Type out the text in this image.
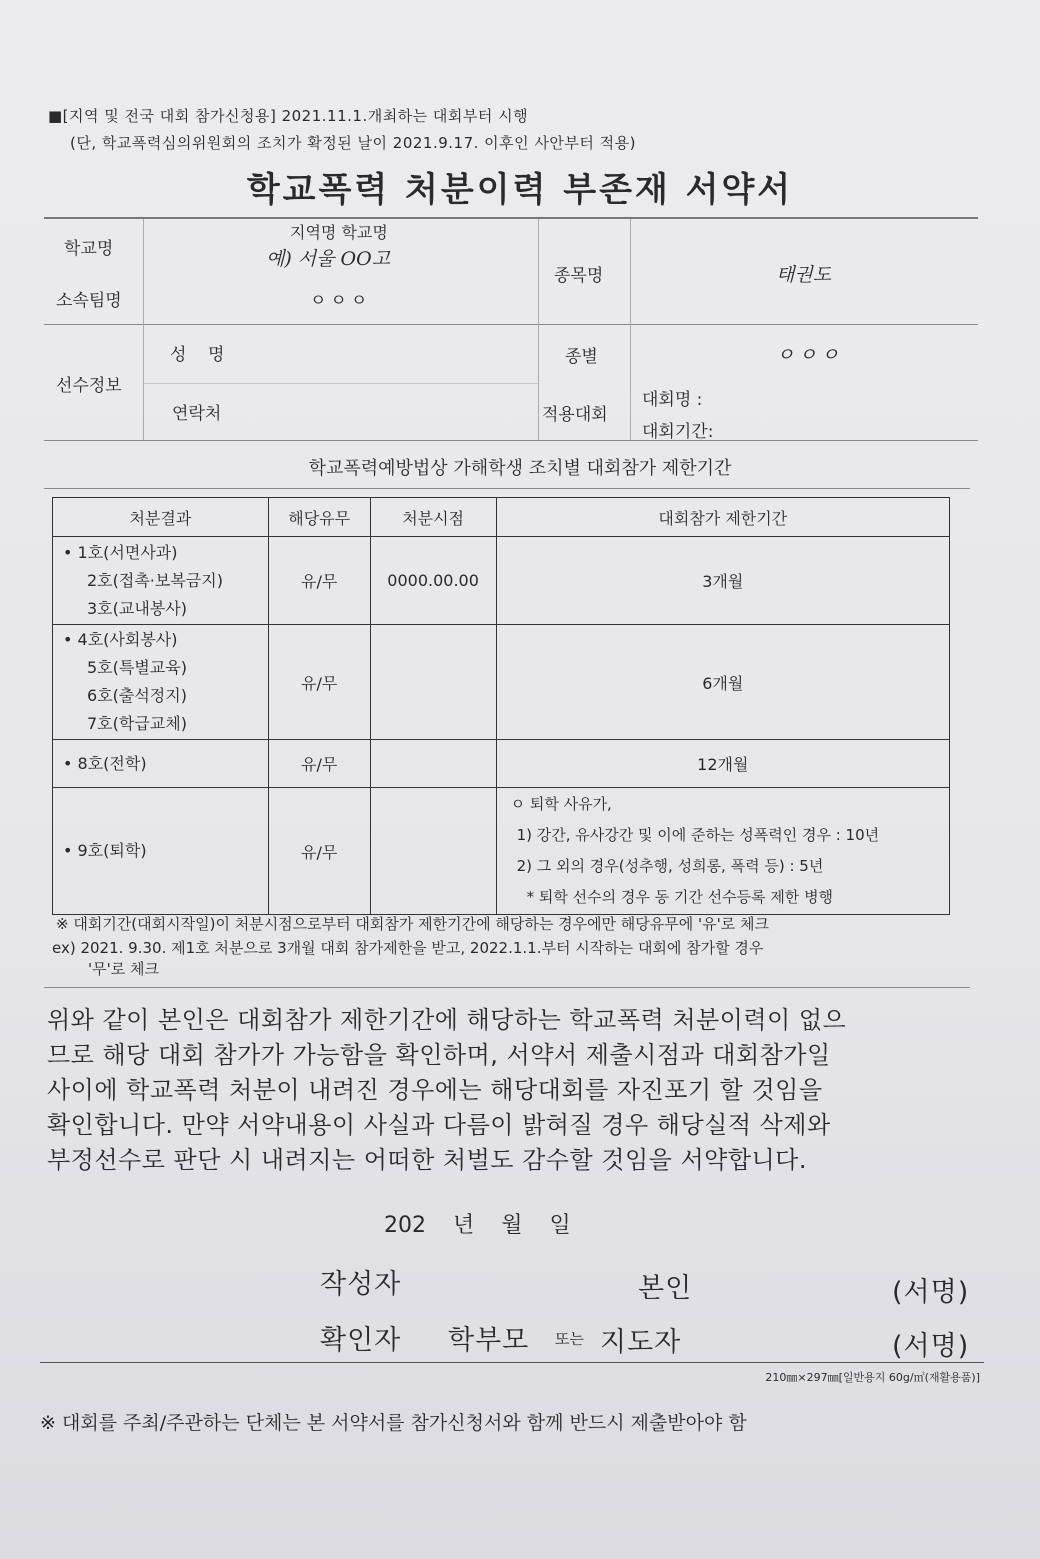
■[지역 및 전국 대회 참가신청용] 2021.11.1.개최하는 대회부터 시행
(단, 학교폭력심의위원회의 조치가 확정된 날이 2021.9.17. 이후인 사안부터 적용)
학교폭력 처분이력 부존재 서약서
학교명
지역명 학교명
예) 서울 OO고
소속팀명	ㅇㅇㅇ
종목명	태권도
선수정보
성    명
연락처
종별	ㅇㅇㅇ
적용대회
대회명 :
대회기간:
학교폭력예방법상 가해학생 조치별 대회참가 제한기간
처분결과	해당유무	처분시점	대회참가 제한기간

• 1호(서면사과)
2호(접촉·보복금지)
3호(교내봉사)	유/무	0000.00.00	3개월

• 4호(사회봉사)
5호(특별교육)
6호(출석정지)
7호(학급교체)	유/무		6개월

• 8호(전학)	유/무		12개월

• 9호(퇴학)	유/무		ㅇ 퇴학 사유가,
1) 강간, 유사강간 및 이에 준하는 성폭력인 경우 : 10년
2) 그 외의 경우(성추행, 성희롱, 폭력 등) : 5년
* 퇴학 선수의 경우 동 기간 선수등록 제한 병행
※ 대회기간(대회시작일)이 처분시점으로부터 대회참가 제한기간에 해당하는 경우에만 해당유무에 '유'로 체크
ex) 2021. 9.30. 제1호 처분으로 3개월 대회 참가제한을 받고, 2022.1.1.부터 시작하는 대회에 참가할 경우
'무'로 체크
위와 같이 본인은 대회참가 제한기간에 해당하는 학교폭력 처분이력이 없으
므로 해당 대회 참가가 가능함을 확인하며, 서약서 제출시점과 대회참가일
사이에 학교폭력 처분이 내려진 경우에는 해당대회를 자진포기 할 것임을
확인합니다. 만약 서약내용이 사실과 다름이 밝혀질 경우 해당실적 삭제와
부정선수로 판단 시 내려지는 어떠한 처벌도 감수할 것임을 서약합니다.
202 년 월 일
작성자	본인	(서명)
확인자 학부모 또는 지도자	(서명)
210㎜×297㎜[일반용지 60g/㎡(재활용품)]
※ 대회를 주최/주관하는 단체는 본 서약서를 참가신청서와 함께 반드시 제출받아야 함
